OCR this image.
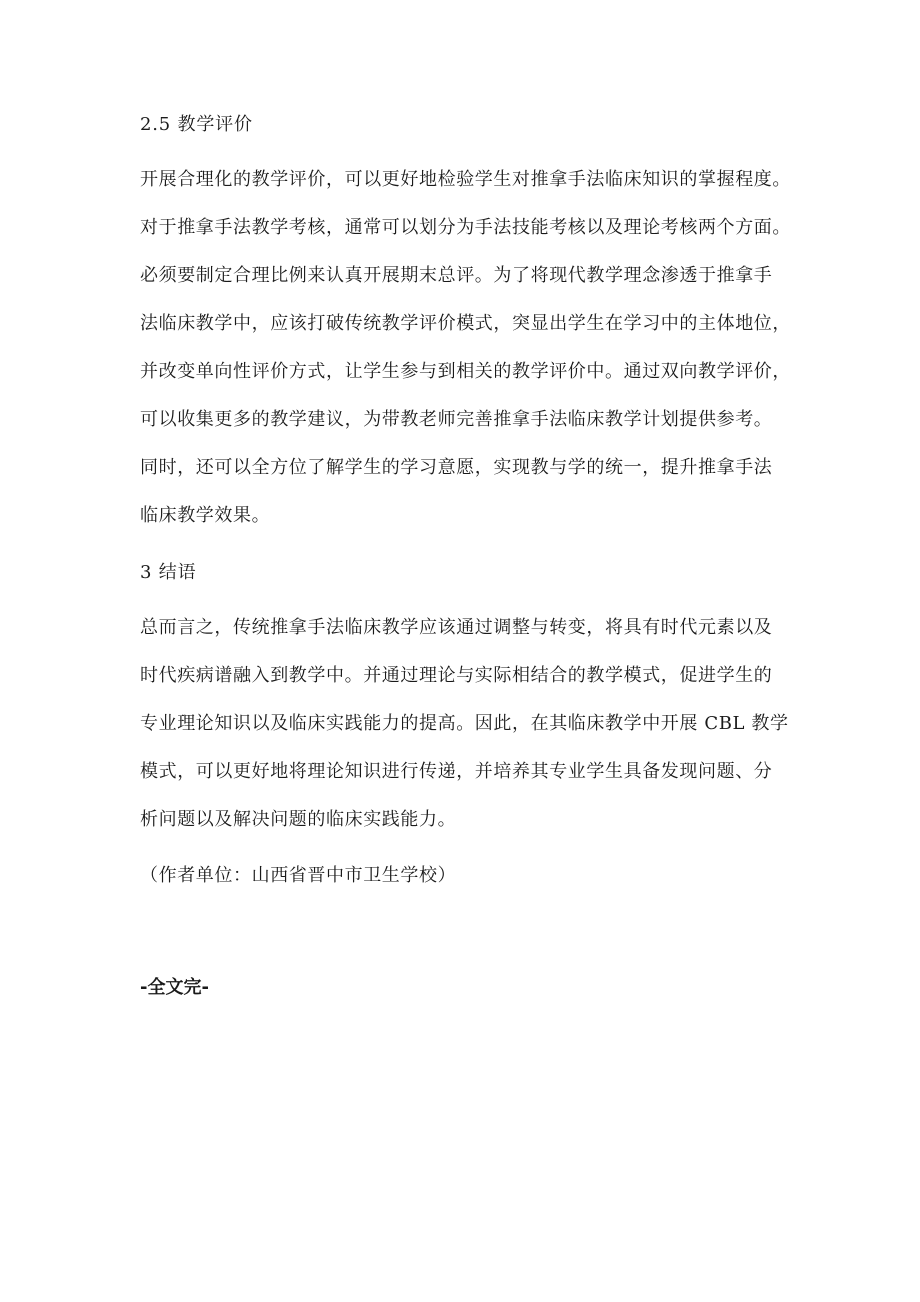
2.5 教学评价
开展合理化的教学评价，可以更好地检验学生对推拿手法临床知识的掌握程度。
对于推拿手法教学考核，通常可以划分为手法技能考核以及理论考核两个方面。
必须要制定合理比例来认真开展期末总评。为了将现代教学理念渗透于推拿手
法临床教学中，应该打破传统教学评价模式，突显出学生在学习中的主体地位，
并改变单向性评价方式，让学生参与到相关的教学评价中。通过双向教学评价，
可以收集更多的教学建议，为带教老师完善推拿手法临床教学计划提供参考。
同时，还可以全方位了解学生的学习意愿，实现教与学的统一，提升推拿手法
临床教学效果。
3 结语
总而言之，传统推拿手法临床教学应该通过调整与转变，将具有时代元素以及
时代疾病谱融入到教学中。并通过理论与实际相结合的教学模式，促进学生的
专业理论知识以及临床实践能力的提高。因此，在其临床教学中开展 CBL 教学
模式，可以更好地将理论知识进行传递，并培养其专业学生具备发现问题、分
析问题以及解决问题的临床实践能力。
（作者单位：山西省晋中市卫生学校）
-全文完-
